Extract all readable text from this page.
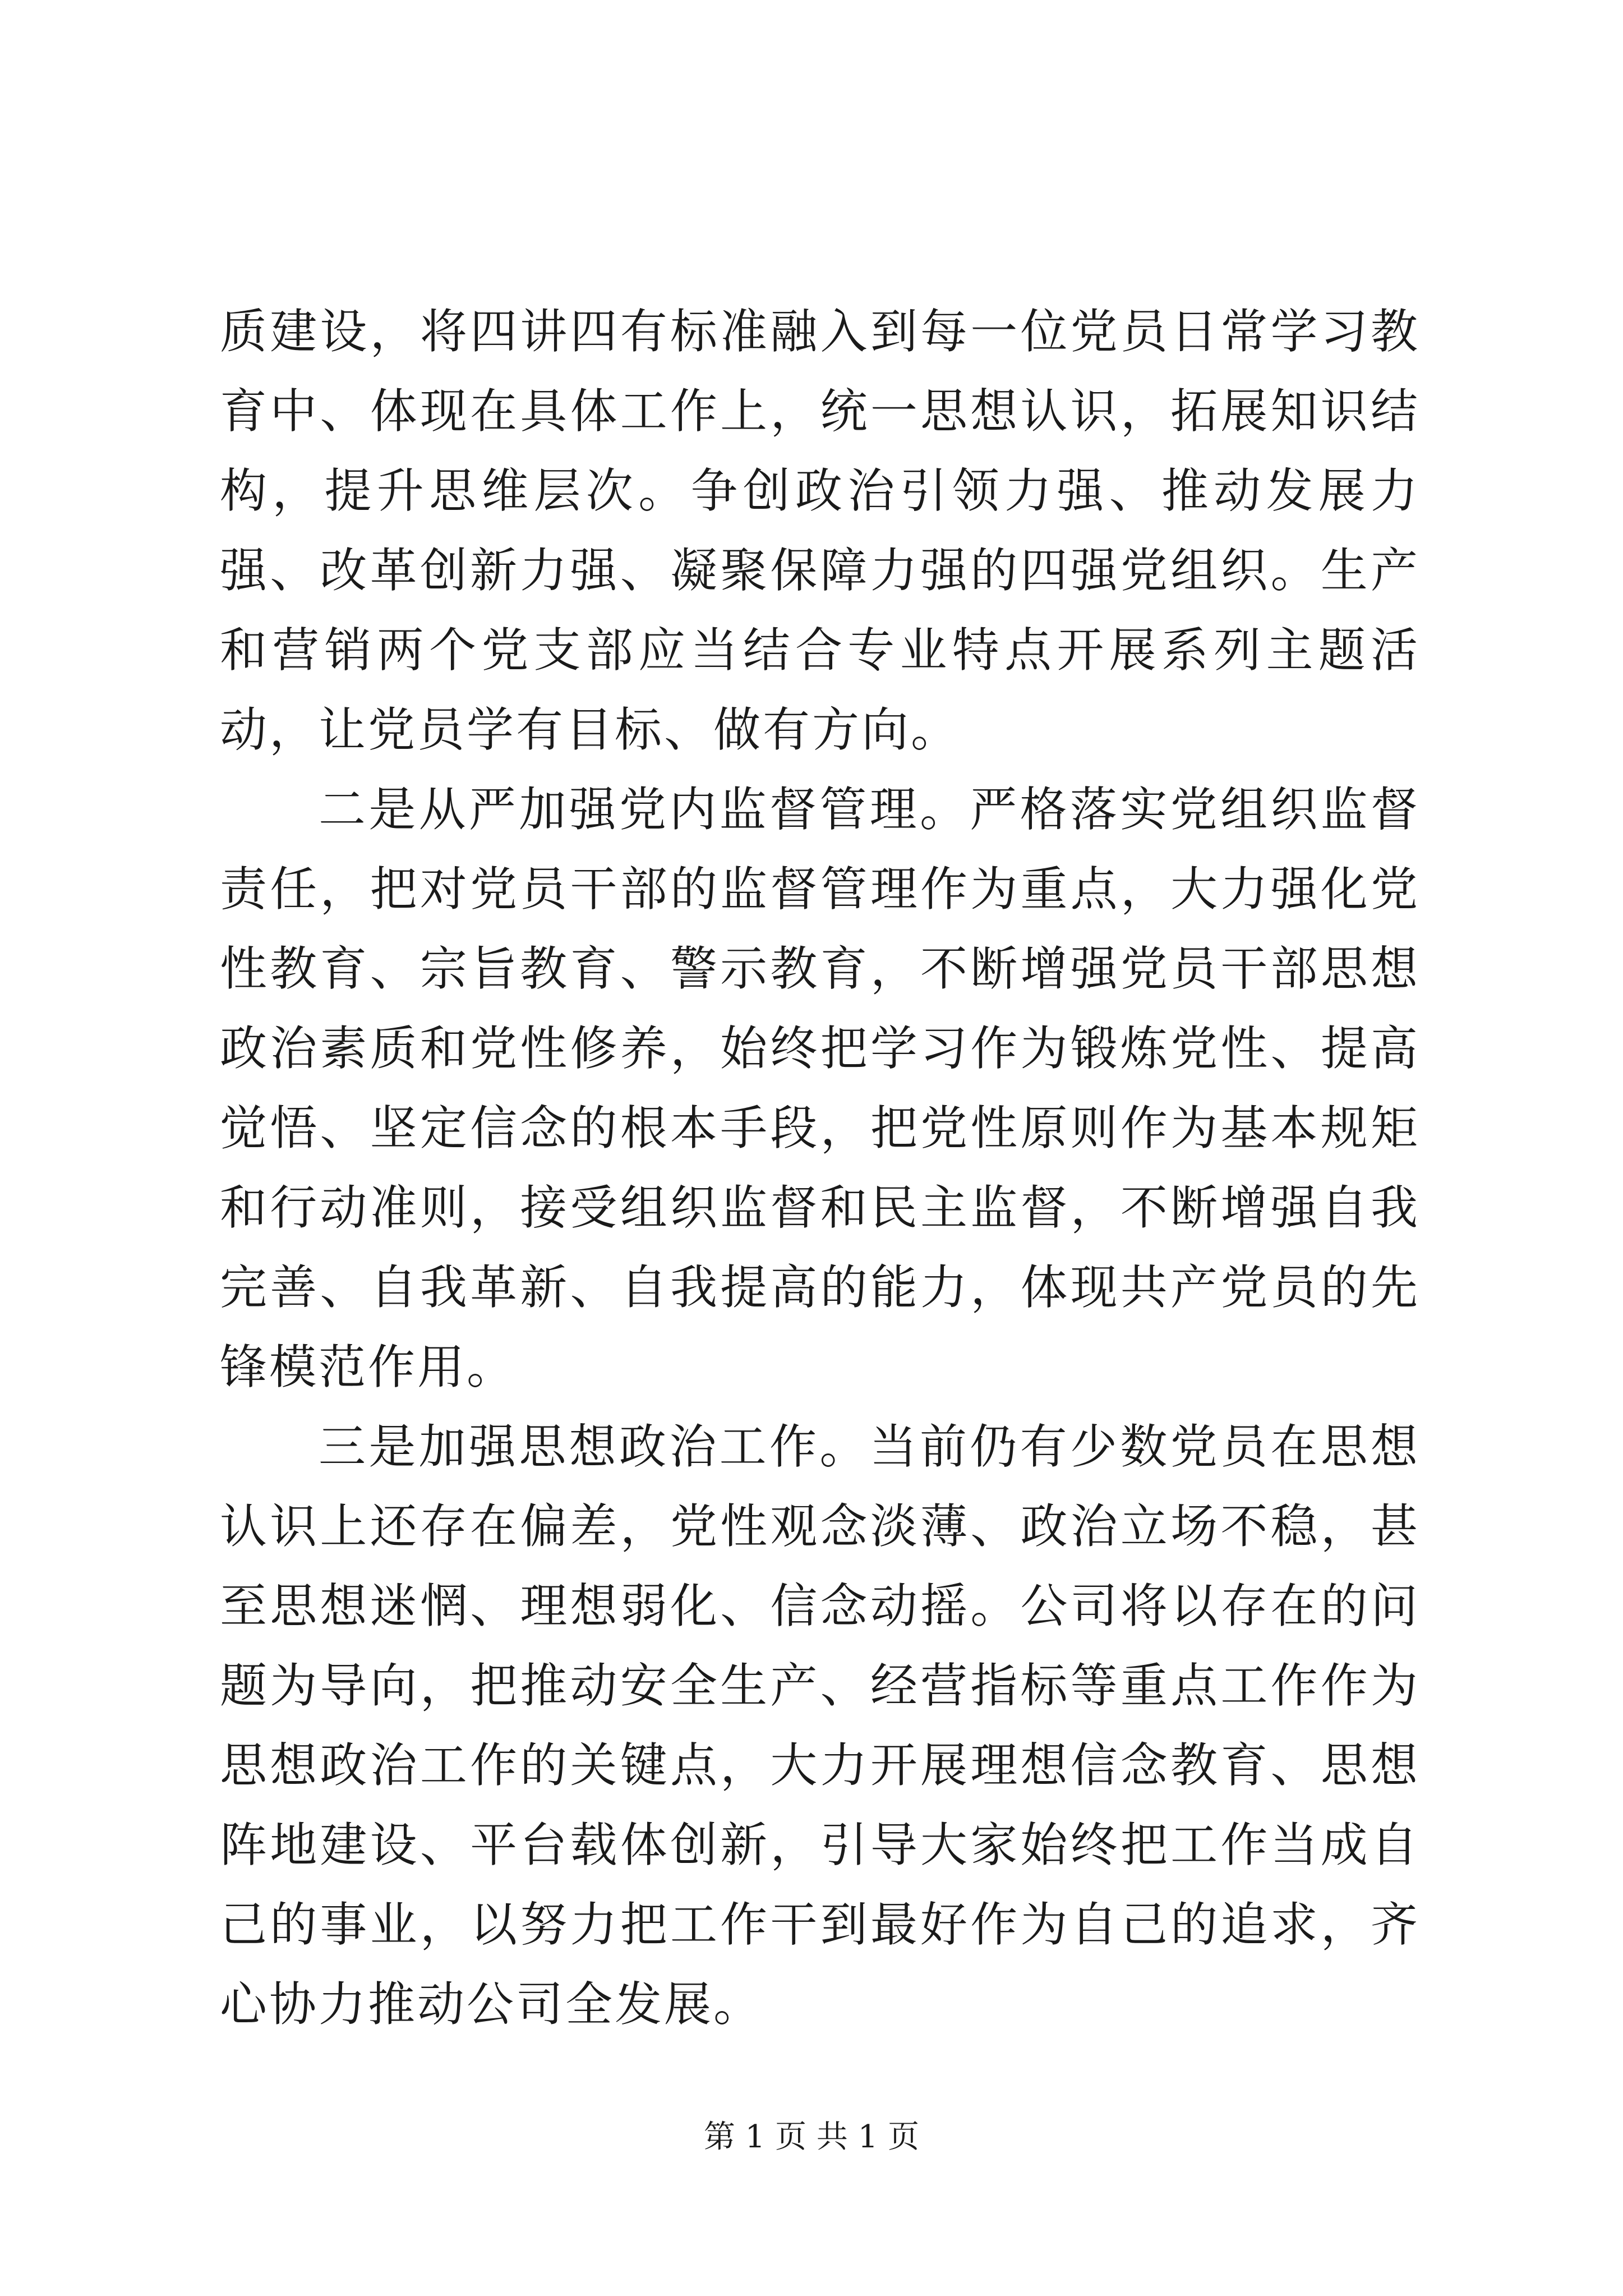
质建设，将四讲四有标准融入到每一位党员日常学习教育中、体现在具体工作上，统一思想认识，拓展知识结构，提升思维层次。争创政治引领力强、推动发展力强、改革创新力强、凝聚保障力强的四强党组织。生产和营销两个党支部应当结合专业特点开展系列主题活动，让党员学有目标、做有方向。

二是从严加强党内监督管理。严格落实党组织监督责任，把对党员干部的监督管理作为重点，大力强化党性教育、宗旨教育、警示教育，不断增强党员干部思想政治素质和党性修养，始终把学习作为锻炼党性、提高觉悟、坚定信念的根本手段，把党性原则作为基本规矩和行动准则，接受组织监督和民主监督，不断增强自我完善、自我革新、自我提高的能力，体现共产党员的先锋模范作用。

三是加强思想政治工作。当前仍有少数党员在思想认识上还存在偏差，党性观念淡薄、政治立场不稳，甚至思想迷惘、理想弱化、信念动摇。公司将以存在的问题为导向，把推动安全生产、经营指标等重点工作作为思想政治工作的关键点，大力开展理想信念教育、思想阵地建设、平台载体创新，引导大家始终把工作当成自己的事业，以努力把工作干到最好作为自己的追求，齐心协力推动公司全发展。

第 1 页 共 1 页
